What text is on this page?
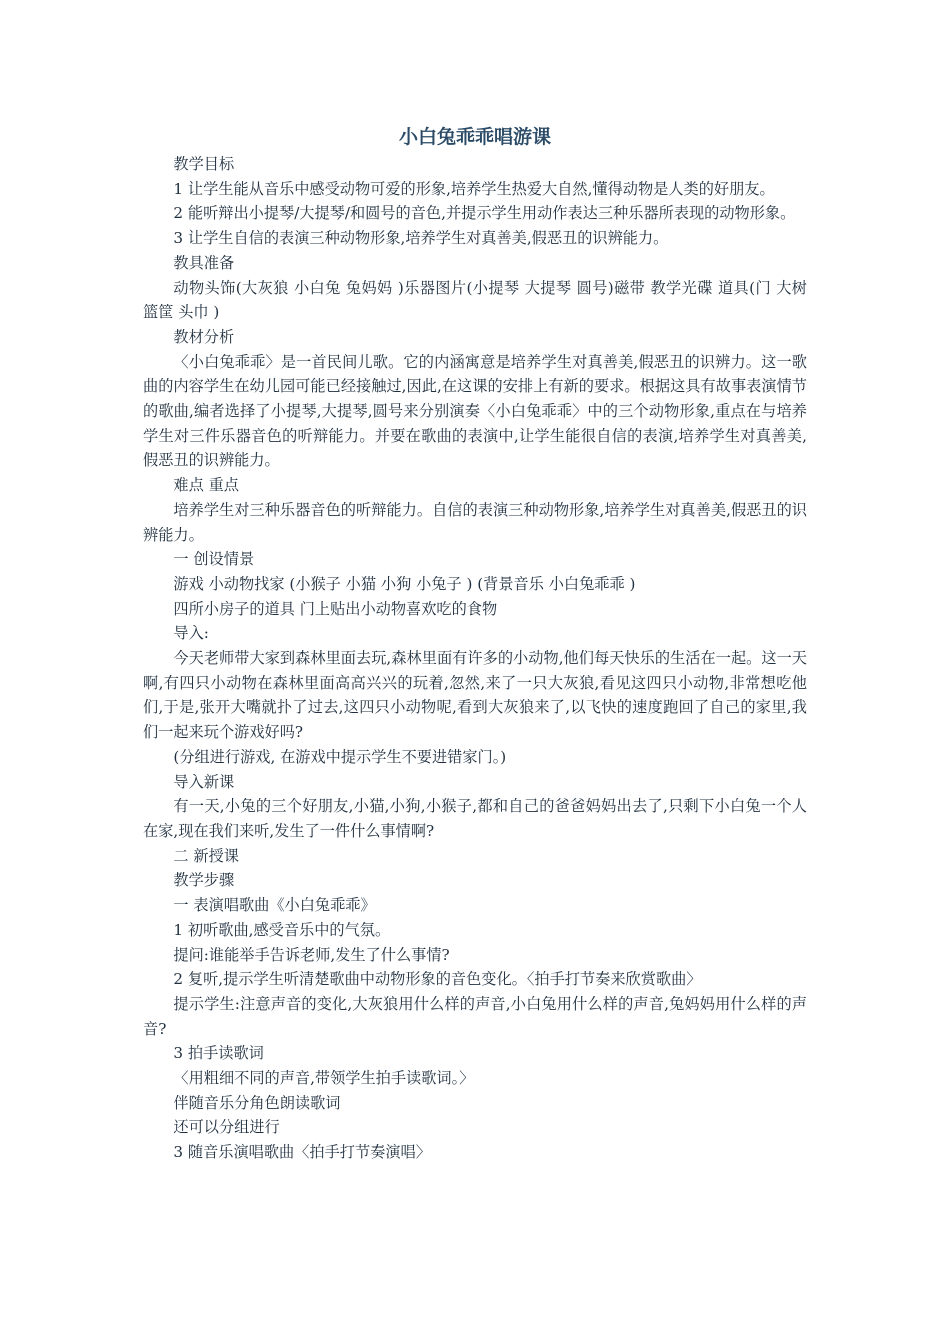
小白兔乖乖唱游课

教学目标

1 让学生能从音乐中感受动物可爱的形象,培养学生热爱大自然,懂得动物是人类的好朋友。

2 能听辩出小提琴/大提琴/和圆号的音色,并提示学生用动作表达三种乐器所表现的动物形象。

3 让学生自信的表演三种动物形象,培养学生对真善美,假恶丑的识辨能力。

教具准备

动物头饰(大灰狼 小白兔 兔妈妈 )乐器图片(小提琴 大提琴 圆号)磁带 教学光碟 道具(门 大树 篮筐 头巾 )

教材分析

〈小白兔乖乖〉是一首民间儿歌。它的内涵寓意是培养学生对真善美,假恶丑的识辨力。这一歌曲的内容学生在幼儿园可能已经接触过,因此,在这课的安排上有新的要求。根据这具有故事表演情节的歌曲,编者选择了小提琴,大提琴,圆号来分别演奏〈小白兔乖乖〉中的三个动物形象,重点在与培养学生对三件乐器音色的听辩能力。并要在歌曲的表演中,让学生能很自信的表演,培养学生对真善美,假恶丑的识辨能力。

难点 重点

培养学生对三种乐器音色的听辩能力。自信的表演三种动物形象,培养学生对真善美,假恶丑的识辨能力。

一 创设情景

游戏 小动物找家 (小猴子 小猫 小狗 小兔子 ) (背景音乐 小白兔乖乖 )

四所小房子的道具 门上贴出小动物喜欢吃的食物

导入:

今天老师带大家到森林里面去玩,森林里面有许多的小动物,他们每天快乐的生活在一起。这一天啊,有四只小动物在森林里面高高兴兴的玩着,忽然,来了一只大灰狼,看见这四只小动物,非常想吃他们,于是,张开大嘴就扑了过去,这四只小动物呢,看到大灰狼来了,以飞快的速度跑回了自己的家里,我们一起来玩个游戏好吗?

(分组进行游戏, 在游戏中提示学生不要进错家门。)

导入新课

有一天,小兔的三个好朋友,小猫,小狗,小猴子,都和自己的爸爸妈妈出去了,只剩下小白兔一个人在家,现在我们来听,发生了一件什么事情啊?

二 新授课

教学步骤

一 表演唱歌曲《小白兔乖乖》

1 初听歌曲,感受音乐中的气氛。

提问:谁能举手告诉老师,发生了什么事情?

2 复听,提示学生听清楚歌曲中动物形象的音色变化。〈拍手打节奏来欣赏歌曲〉

提示学生:注意声音的变化,大灰狼用什么样的声音,小白兔用什么样的声音,兔妈妈用什么样的声音?

3 拍手读歌词

〈用粗细不同的声音,带领学生拍手读歌词。〉

伴随音乐分角色朗读歌词

还可以分组进行

3 随音乐演唱歌曲〈拍手打节奏演唱〉
